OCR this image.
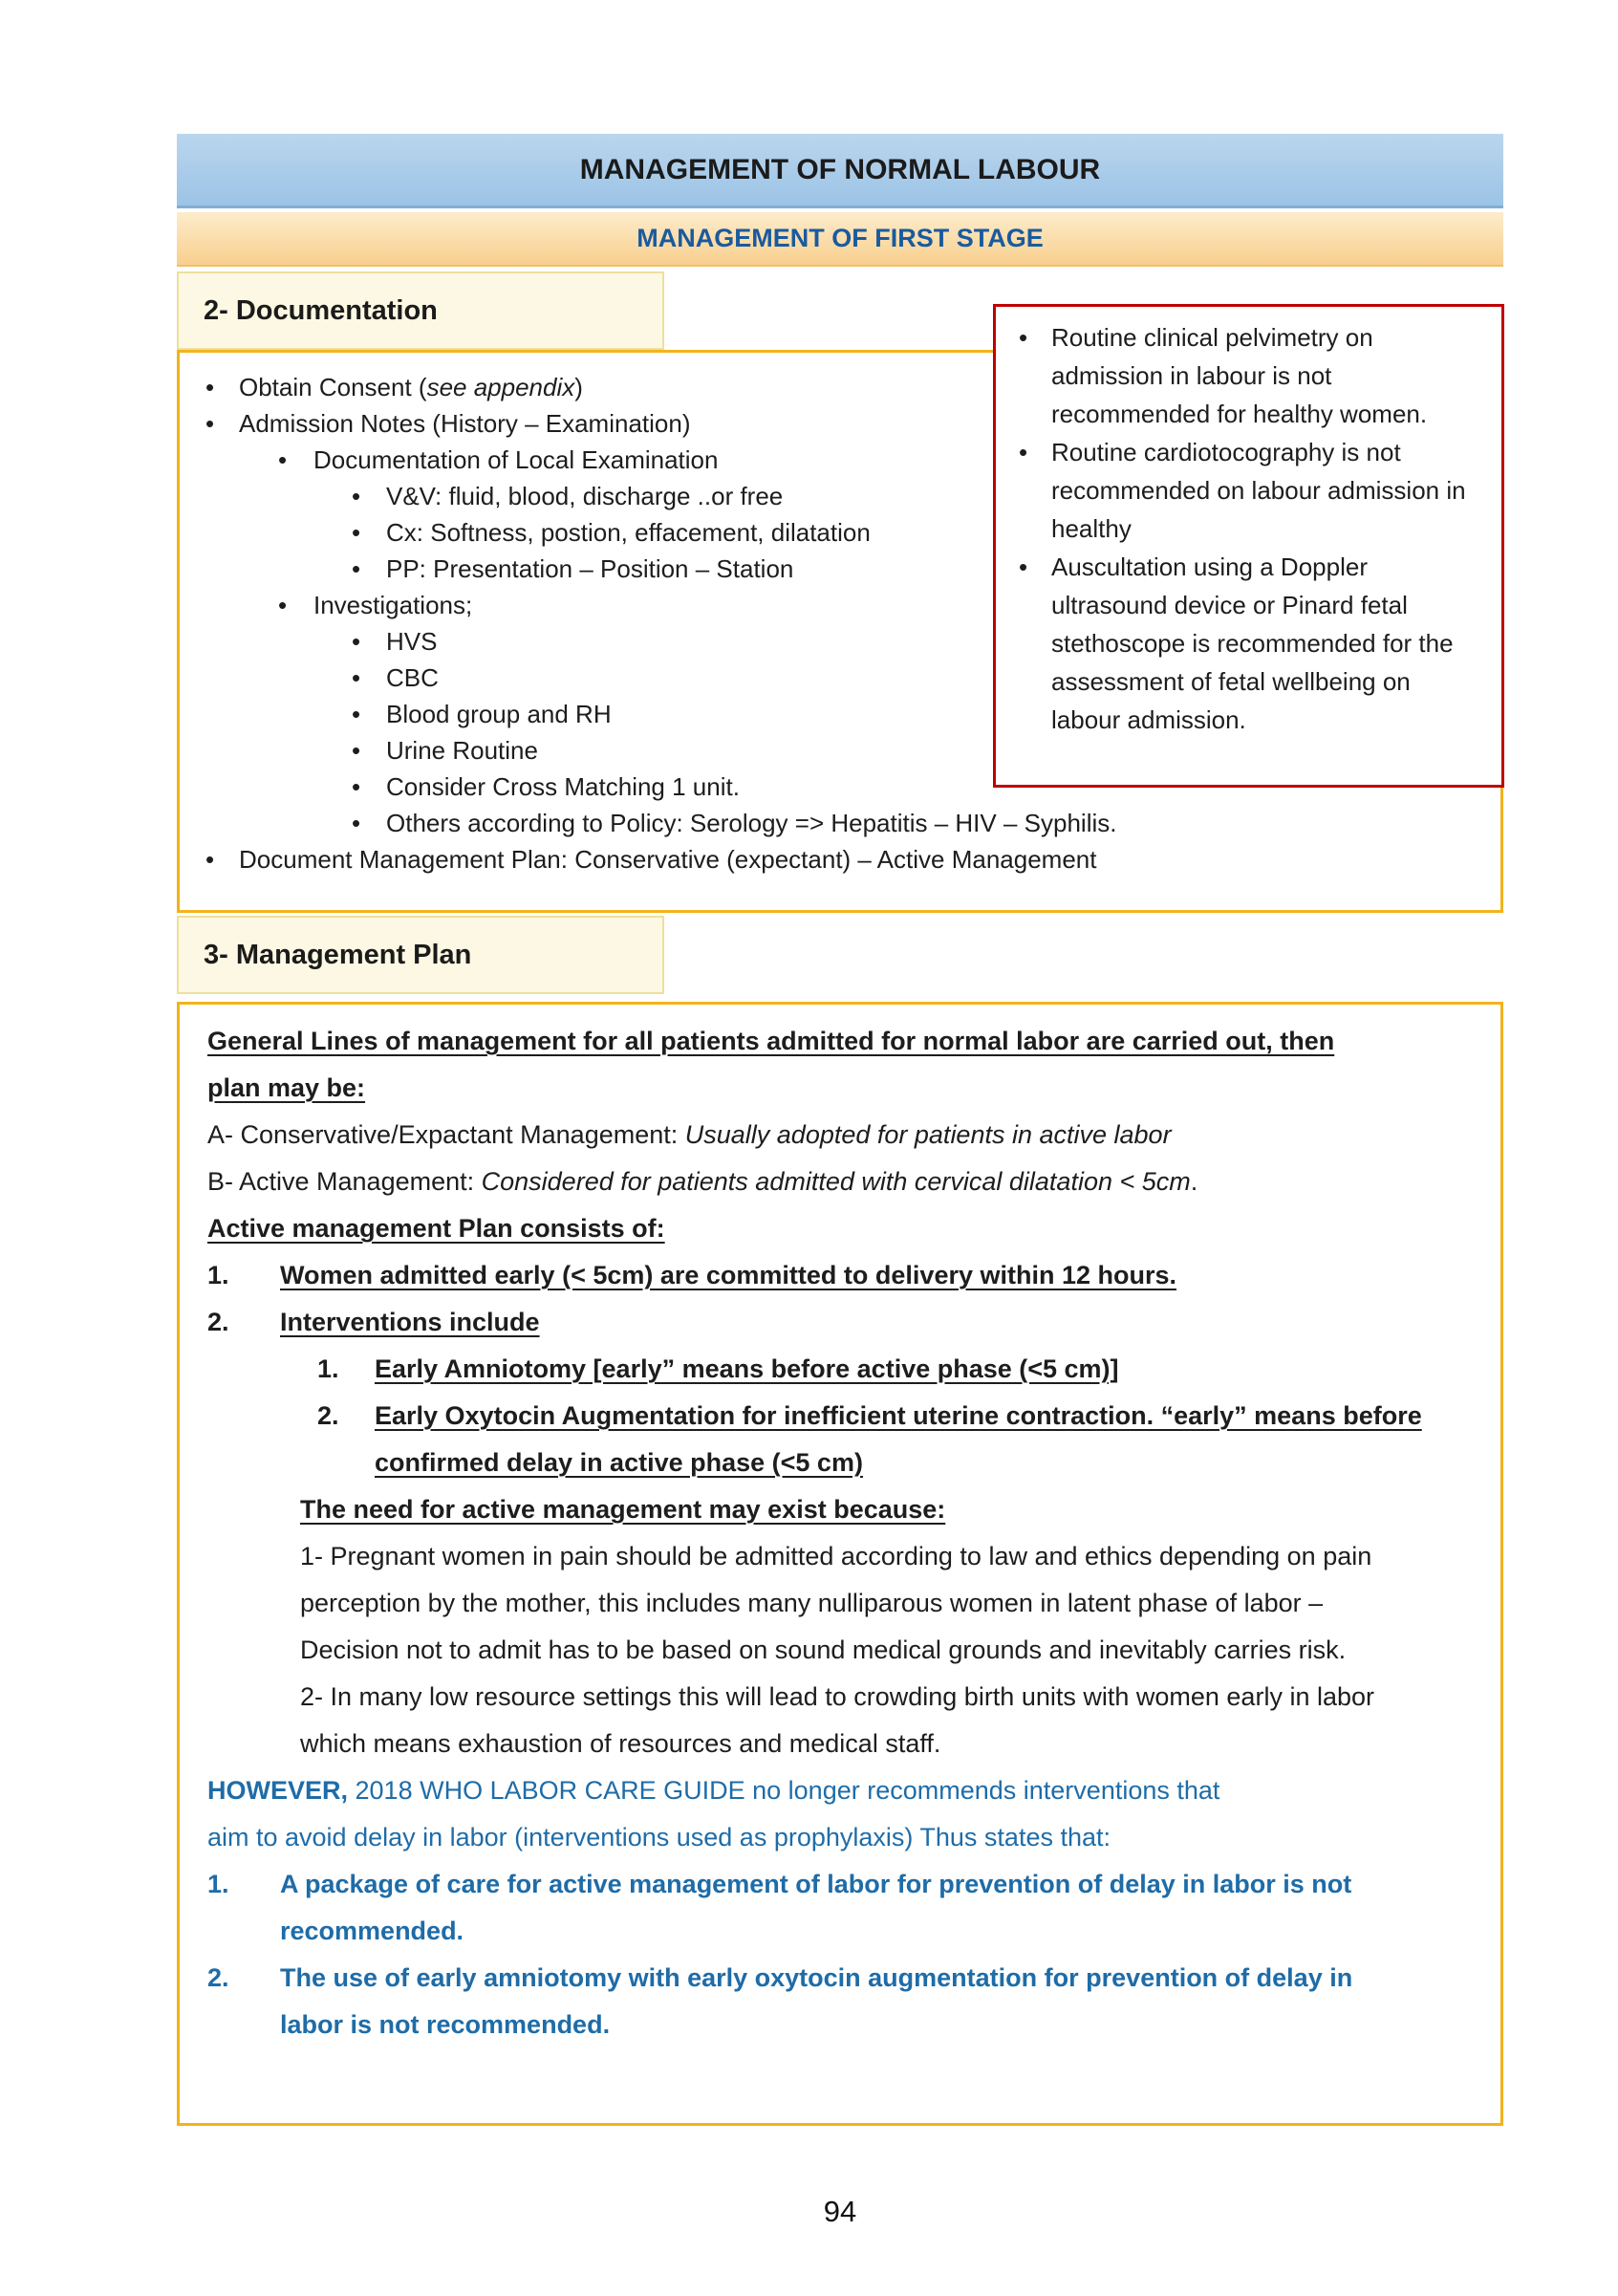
MANAGEMENT OF NORMAL LABOUR
MANAGEMENT OF FIRST STAGE
2- Documentation
• Obtain Consent (see appendix)
• Admission Notes (History – Examination)
• Documentation of Local Examination
• V&V: fluid, blood, discharge ..or free
• Cx: Softness, postion, effacement, dilatation
• PP: Presentation – Position – Station
• Investigations;
• HVS
• CBC
• Blood group and RH
• Urine Routine
• Consider Cross Matching 1 unit.
• Others according to Policy: Serology => Hepatitis – HIV – Syphilis.
• Document Management Plan: Conservative (expectant) – Active Management
• Routine clinical pelvimetry on admission in labour is not recommended for healthy women.
• Routine cardiotocography is not recommended on labour admission in healthy
• Auscultation using a Doppler ultrasound device or Pinard fetal stethoscope is recommended for the assessment of fetal wellbeing on labour admission.
3- Management Plan
General Lines of management for all patients admitted for normal labor are carried out, then plan may be:
A- Conservative/Expactant Management: Usually adopted for patients in active labor
B- Active Management: Considered for patients admitted with cervical dilatation < 5cm.
Active management Plan consists of:
1. Women admitted early (< 5cm) are committed to delivery within 12 hours.
2. Interventions include
1. Early Amniotomy [early” means before active phase (<5 cm)]
2. Early Oxytocin Augmentation for inefficient uterine contraction. “early” means before confirmed delay in active phase (<5 cm)
The need for active management may exist because:
1- Pregnant women in pain should be admitted according to law and ethics depending on pain perception by the mother, this includes many nulliparous women in latent phase of labor – Decision not to admit has to be based on sound medical grounds and inevitably carries risk.
2- In many low resource settings this will lead to crowding birth units with women early in labor which means exhaustion of resources and medical staff.
HOWEVER, 2018 WHO LABOR CARE GUIDE no longer recommends interventions that aim to avoid delay in labor (interventions used as prophylaxis) Thus states that:
1. A package of care for active management of labor for prevention of delay in labor is not recommended.
2. The use of early amniotomy with early oxytocin augmentation for prevention of delay in labor is not recommended.
94
